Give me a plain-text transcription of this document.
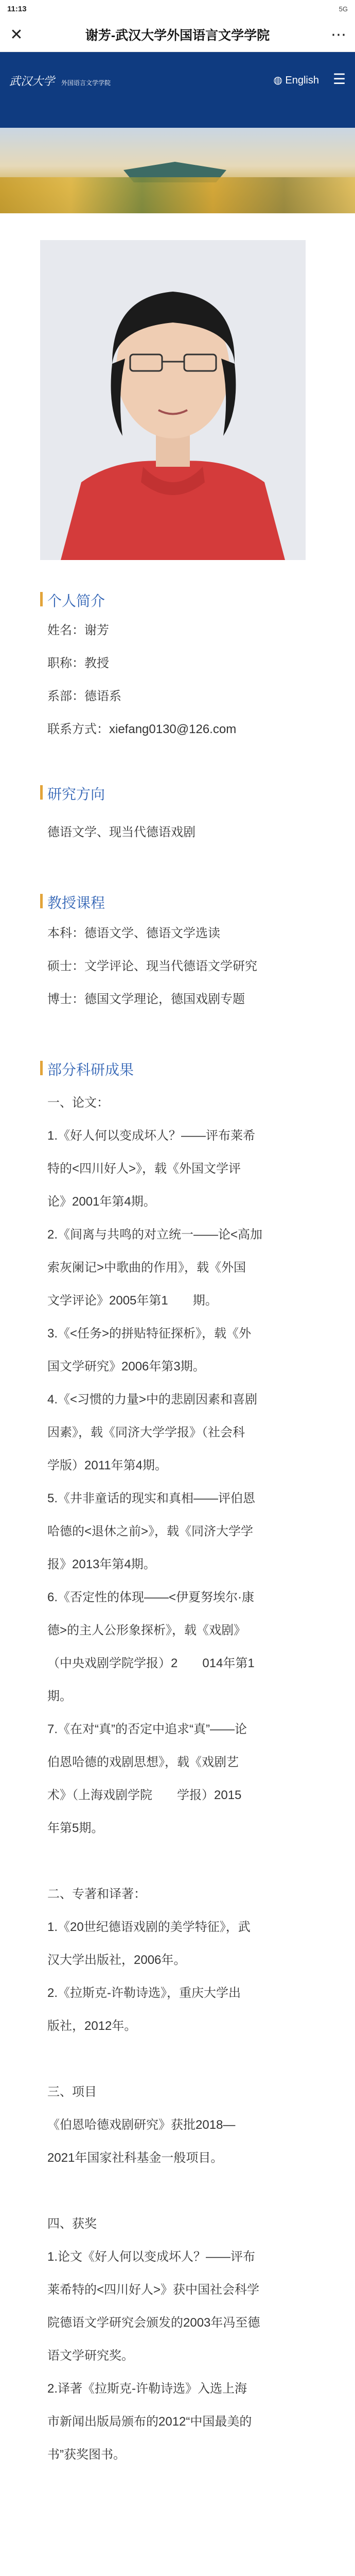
11:13	5G
✕	谢芳-武汉大学外国语言文学学院	⋯
武汉大学 外国语言文学学院	◍ English ☰
个人简介
姓名：谢芳
职称：教授
系部：德语系
联系方式：xiefang0130@126.com
研究方向
德语文学、现当代德语戏剧
教授课程
本科：德语文学、德语文学选读
硕士：文学评论、现当代德语文学研究
博士：德国文学理论，德国戏剧专题
部分科研成果
一、论文：
1.《好人何以变成坏人？——评布莱希
特的<四川好人>》，载《外国文学评
论》2001年第4期。
2.《间离与共鸣的对立统一——论<高加
索灰阑记>中歌曲的作用》，载《外国
文学评论》2005年第1　　期。
3.《<任务>的拼贴特征探析》，载《外
国文学研究》2006年第3期。
4.《<习惯的力量>中的悲剧因素和喜剧
因素》，载《同济大学学报》（社会科
学版）2011年第4期。
5.《井非童话的现实和真相——评伯恩
哈德的<退休之前>》，载《同济大学学
报》2013年第4期。
6.《否定性的体现——<伊夏努埃尔·康
德>的主人公形象探析》，载《戏剧》
（中央戏剧学院学报）2　　014年第1
期。
7.《在对“真”的否定中追求“真”——论
伯恩哈德的戏剧思想》，载《戏剧艺
术》（上海戏剧学院　　学报）2015
年第5期。
二、专著和译著：
1.《20世纪德语戏剧的美学特征》，武
汉大学出版社，2006年。
2.《拉斯克-许勒诗选》，重庆大学出
版社，2012年。
三、项目
《伯恩哈德戏剧研究》获批2018—
2021年国家社科基金一般项目。
四、获奖
1.论文《好人何以变成坏人？——评布
莱希特的<四川好人>》获中国社会科学
院德语文学研究会颁发的2003年冯至德
语文学研究奖。
2.译著《拉斯克-许勒诗选》入选上海
市新闻出版局颁布的2012“中国最美的
书”获奖图书。
